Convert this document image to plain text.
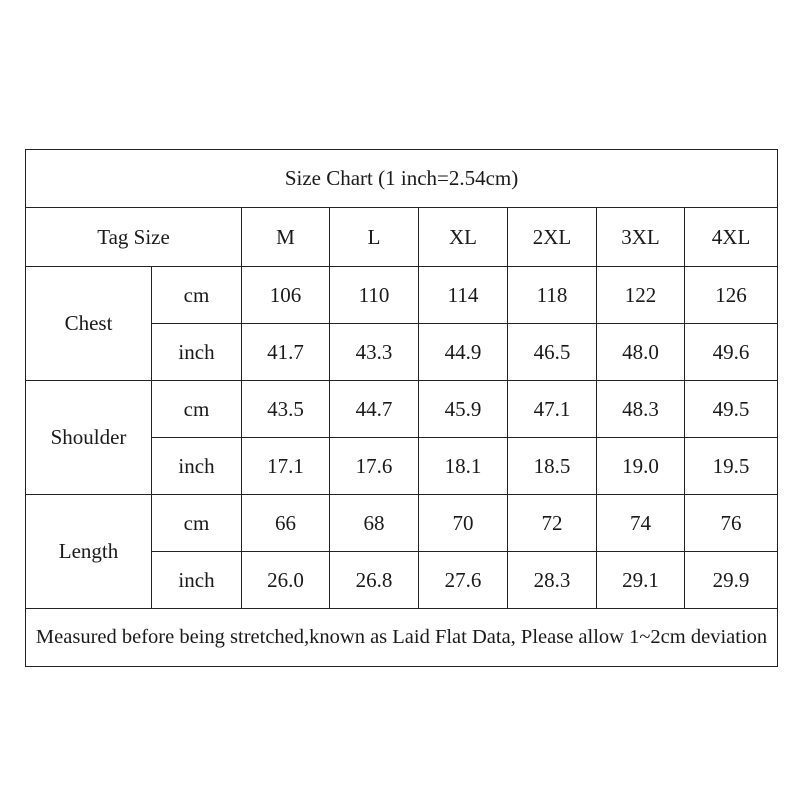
Size Chart (1 inch=2.54cm)							
Tag Size		M	L	XL	2XL	3XL	4XL
Chest	cm	106	110	114	118	122	126
	inch	41.7	43.3	44.9	46.5	48.0	49.6
Shoulder	cm	43.5	44.7	45.9	47.1	48.3	49.5
	inch	17.1	17.6	18.1	18.5	19.0	19.5
Length	cm	66	68	70	72	74	76
	inch	26.0	26.8	27.6	28.3	29.1	29.9
Measured before being stretched,known as Laid Flat Data, Please allow 1~2cm deviation							
